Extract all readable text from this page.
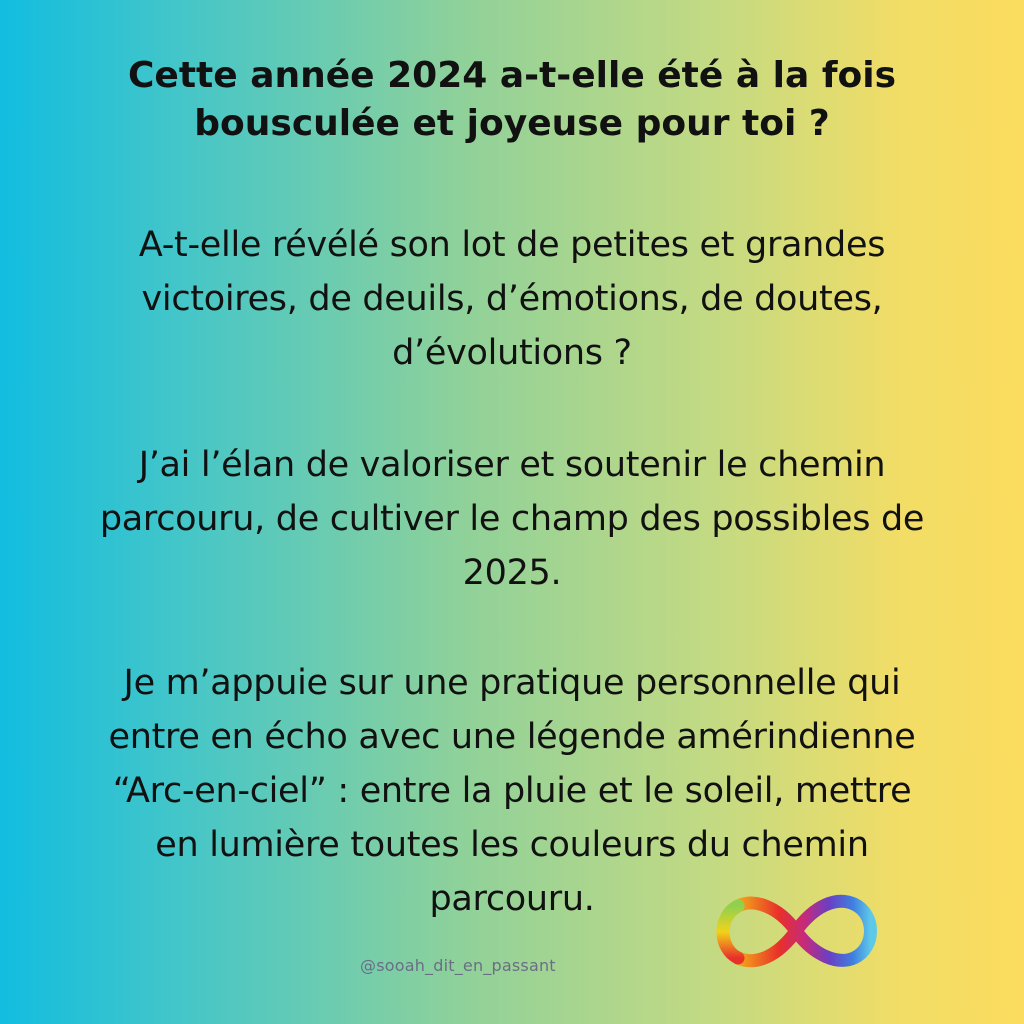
Cette année 2024 a-t-elle été à la fois
bousculée et joyeuse pour toi ?
A-t-elle révélé son lot de petites et grandes
victoires, de deuils, d’émotions, de doutes,
d’évolutions ?
J’ai l’élan de valoriser et soutenir le chemin
parcouru, de cultiver le champ des possibles de
2025.
Je m’appuie sur une pratique personnelle qui
entre en écho avec une légende amérindienne
“Arc-en-ciel” : entre la pluie et le soleil, mettre
en lumière toutes les couleurs du chemin
parcouru.
@sooah_dit_en_passant
